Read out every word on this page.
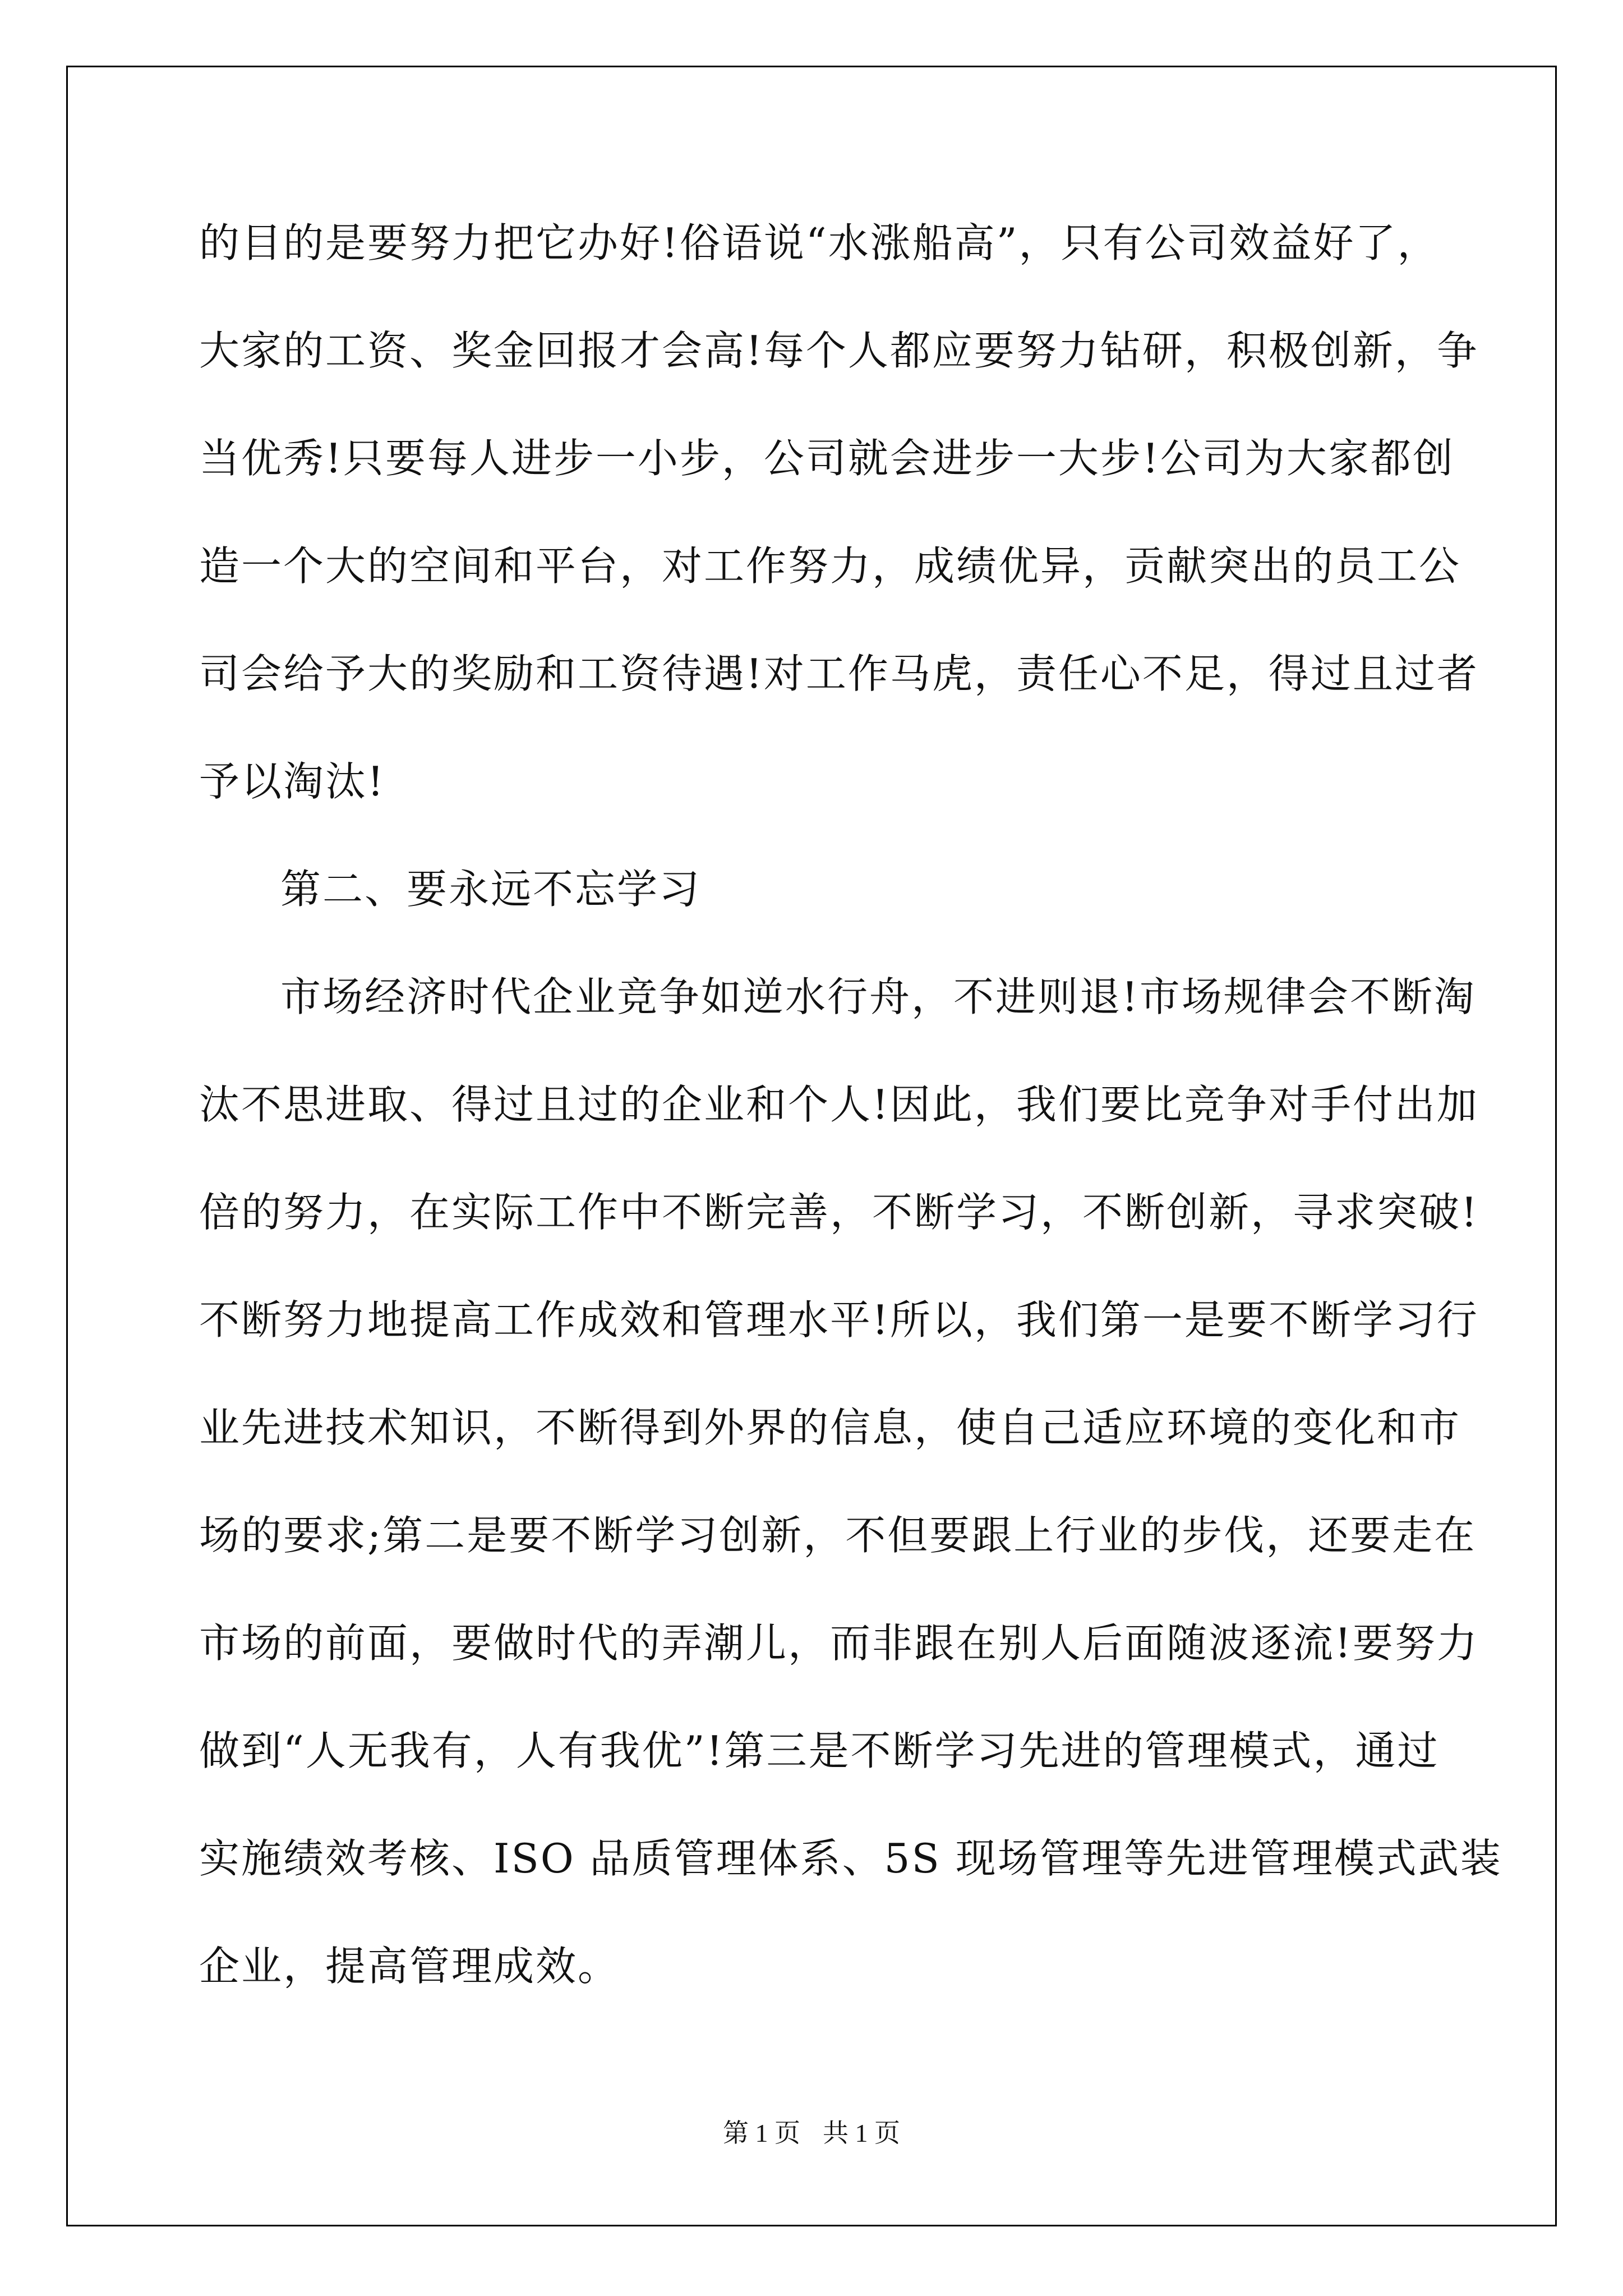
的目的是要努力把它办好!俗语说“水涨船高”，只有公司效益好了，
大家的工资、奖金回报才会高!每个人都应要努力钻研，积极创新，争
当优秀!只要每人进步一小步，公司就会进步一大步!公司为大家都创
造一个大的空间和平台，对工作努力，成绩优异，贡献突出的员工公
司会给予大的奖励和工资待遇!对工作马虎，责任心不足，得过且过者
予以淘汰!
第二、要永远不忘学习
市场经济时代企业竞争如逆水行舟，不进则退!市场规律会不断淘
汰不思进取、得过且过的企业和个人!因此，我们要比竞争对手付出加
倍的努力，在实际工作中不断完善，不断学习，不断创新，寻求突破!
不断努力地提高工作成效和管理水平!所以，我们第一是要不断学习行
业先进技术知识，不断得到外界的信息，使自己适应环境的变化和市
场的要求;第二是要不断学习创新，不但要跟上行业的步伐，还要走在
市场的前面，要做时代的弄潮儿，而非跟在别人后面随波逐流!要努力
做到“人无我有，人有我优”!第三是不断学习先进的管理模式，通过
实施绩效考核、ISO 品质管理体系、5S 现场管理等先进管理模式武装
企业，提高管理成效。
第 1 页 共 1 页
